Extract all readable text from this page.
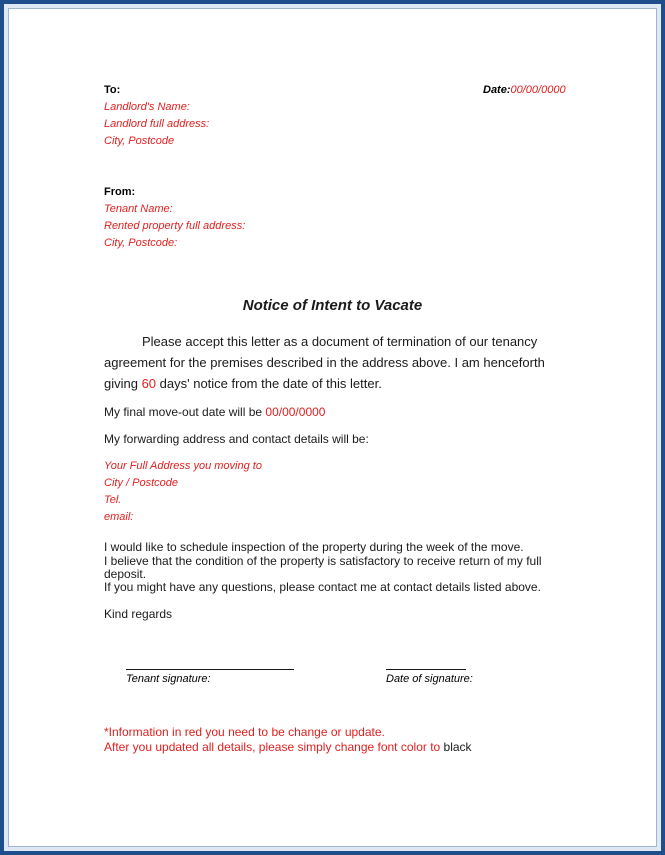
To:
Landlord's Name:
Landlord full address:
City, Postcode
Date:00/00/0000
From:
Tenant Name:
Rented property full address:
City, Postcode:
Notice of Intent to Vacate
Please accept this letter as a document of termination of our tenancy
agreement for the premises described in the address above. I am henceforth
giving 60 days' notice from the date of this letter.
My final move-out date will be 00/00/0000
My forwarding address and contact details will be:
Your Full Address you moving to
City / Postcode
Tel.
email:
I would like to schedule inspection of the property during the week of the move.
I believe that the condition of the property is satisfactory to receive return of my full
deposit.
If you might have any questions, please contact me at contact details listed above.
Kind regards
Tenant signature:	Date of signature:
*Information in red you need to be change or update.
After you updated all details, please simply change font color to black
